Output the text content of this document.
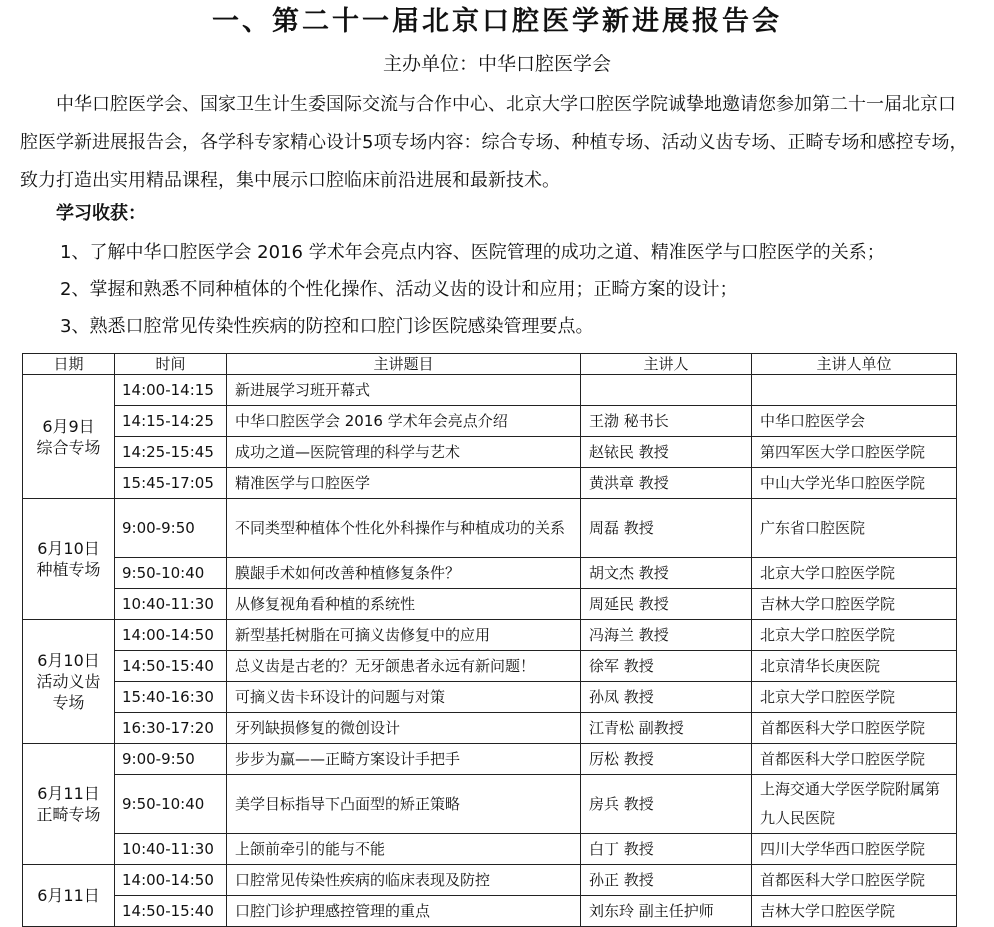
一、第二十一届北京口腔医学新进展报告会
主办单位：中华口腔医学会

中华口腔医学会、国家卫生计生委国际交流与合作中心、北京大学口腔医学院诚挚地邀请您参加第二十一届北京口腔医学新进展报告会，各学科专家精心设计5项专场内容：综合专场、种植专场、活动义齿专场、正畸专场和感控专场，致力打造出实用精品课程，集中展示口腔临床前沿进展和最新技术。

学习收获：
1、了解中华口腔医学会 2016 学术年会亮点内容、医院管理的成功之道、精准医学与口腔医学的关系；
2、掌握和熟悉不同种植体的个性化操作、活动义齿的设计和应用；正畸方案的设计；
3、熟悉口腔常见传染性疾病的防控和口腔门诊医院感染管理要点。
日期	时间	主讲题目	主讲人	主讲人单位

6月9日
综合专场	14:00-14:15	新进展学习班开幕式		
	14:15-14:25	中华口腔医学会 2016 学术年会亮点介绍	王渤 秘书长	中华口腔医学会
	14:25-15:45	成功之道—医院管理的科学与艺术	赵铱民 教授	第四军医大学口腔医学院
	15:45-17:05	精准医学与口腔医学	黄洪章 教授	中山大学光华口腔医学院

6月10日
种植专场	9:00-9:50	不同类型种植体个性化外科操作与种植成功的关系	周磊 教授	广东省口腔医院
	9:50-10:40	膜龈手术如何改善种植修复条件？	胡文杰 教授	北京大学口腔医学院
	10:40-11:30	从修复视角看种植的系统性	周延民 教授	吉林大学口腔医学院

6月10日
活动义齿专场	14:00-14:50	新型基托树脂在可摘义齿修复中的应用	冯海兰 教授	北京大学口腔医学院
	14:50-15:40	总义齿是古老的？无牙颌患者永远有新问题！	徐军 教授	北京清华长庚医院
	15:40-16:30	可摘义齿卡环设计的问题与对策	孙凤 教授	北京大学口腔医学院
	16:30-17:20	牙列缺损修复的微创设计	江青松 副教授	首都医科大学口腔医学院

6月11日
正畸专场	9:00-9:50	步步为赢——正畸方案设计手把手	厉松 教授	首都医科大学口腔医学院
	9:50-10:40	美学目标指导下凸面型的矫正策略	房兵 教授	上海交通大学医学院附属第九人民医院
	10:40-11:30	上颌前牵引的能与不能	白丁 教授	四川大学华西口腔医学院

6月11日	14:00-14:50	口腔常见传染性疾病的临床表现及防控	孙正 教授	首都医科大学口腔医学院
	14:50-15:40	口腔门诊护理感控管理的重点	刘东玲 副主任护师	吉林大学口腔医学院
